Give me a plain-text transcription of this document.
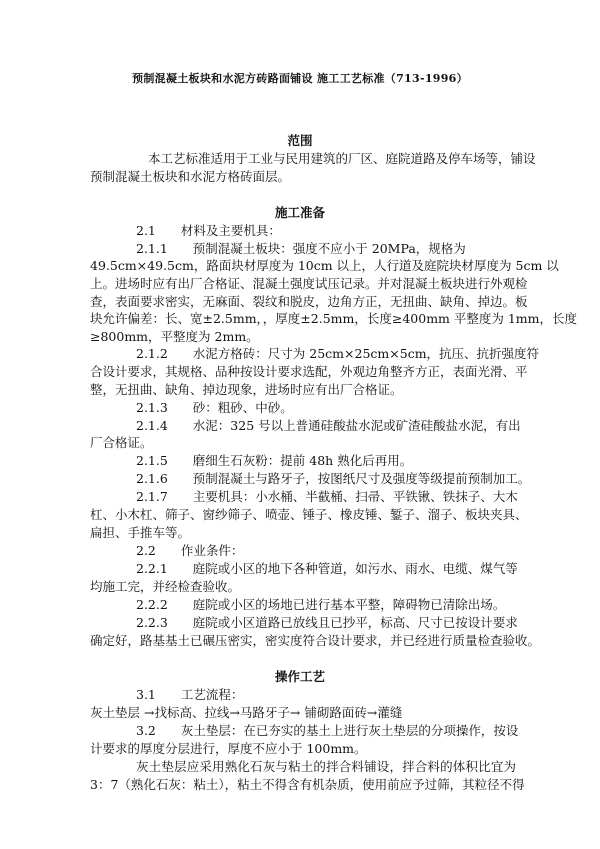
预制混凝土板块和水泥方砖路面铺设 施工工艺标准（713-1996）
范围
本工艺标准适用于工业与民用建筑的厂区、庭院道路及停车场等，铺设
预制混凝土板块和水泥方格砖面层。
施工准备
2.1　　材料及主要机具：
2.1.1　　预制混凝土板块：强度不应小于 20MPa，规格为
49.5cm×49.5cm，路面块材厚度为 10cm 以上，人行道及庭院块材厚度为 5cm 以
上。进场时应有出厂合格证、混凝土强度试压记录。并对混凝土板块进行外观检
查，表面要求密实，无麻面、裂纹和脱皮，边角方正，无扭曲、缺角、掉边。板
块允许偏差：长、宽±2.5mm，，厚度±2.5mm，长度≥400mm 平整度为 1mm，长度
≥800mm，平整度为 2mm。
2.1.2　　水泥方格砖：尺寸为 25cm×25cm×5cm，抗压、抗折强度符
合设计要求，其规格、品种按设计要求选配，外观边角整齐方正，表面光滑、平
整，无扭曲、缺角、掉边现象，进场时应有出厂合格证。
2.1.3　　砂：粗砂、中砂。
2.1.4　　水泥：325 号以上普通硅酸盐水泥或矿渣硅酸盐水泥，有出
厂合格证。
2.1.5　　磨细生石灰粉：提前 48h 熟化后再用。
2.1.6　　预制混凝土与路牙子，按图纸尺寸及强度等级提前预制加工。
2.1.7　　主要机具：小水桶、半截桶、扫帚、平铁锹、铁抹子、大木
杠、小木杠、筛子、窗纱筛子、喷壶、锤子、橡皮锤、錾子、溜子、板块夹具、
扁担、手推车等。
2.2　　作业条件：
2.2.1　　庭院或小区的地下各种管道，如污水、雨水、电缆、煤气等
均施工完，并经检查验收。
2.2.2　　庭院或小区的场地已进行基本平整，障碍物已清除出场。
2.2.3　　庭院或小区道路已放线且已抄平，标高、尺寸已按设计要求
确定好，路基基土已碾压密实，密实度符合设计要求，并已经进行质量检查验收。
操作工艺
3.1　　工艺流程：
灰土垫层 →找标高、拉线→马路牙子→ 铺砌路面砖→灌缝
3.2　　灰土垫层：在已夯实的基土上进行灰土垫层的分项操作，按设
计要求的厚度分层进行，厚度不应小于 100mm。
灰土垫层应采用熟化石灰与粘土的拌合料铺设，拌合料的体积比宜为
3：7（熟化石灰：粘土），粘土不得含有机杂质，使用前应予过筛，其粒径不得
